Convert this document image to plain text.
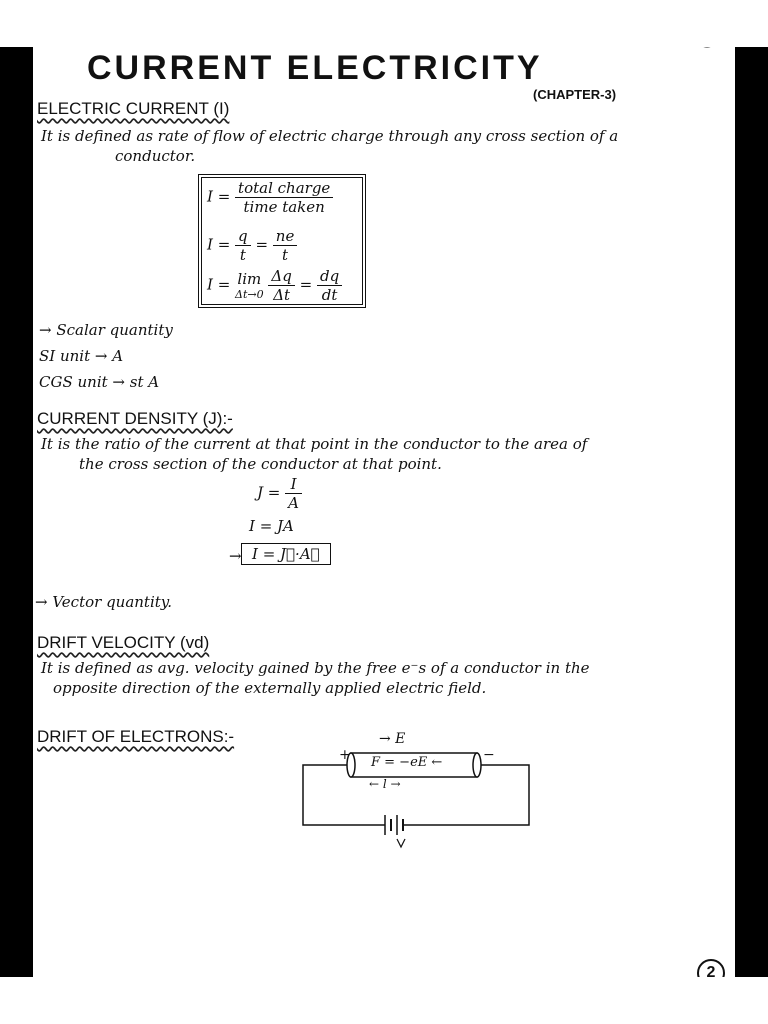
CURRENT ELECTRICITY
(CHAPTER-3)
ELECTRIC CURRENT (I)
It is defined as rate of flow of electric charge through any cross section of a
conductor.
$I = \frac{\text{total charge}}{\text{time taken}}$
$I = \frac{q}{t} = \frac{ne}{t}$
I = lim
Δt→0
$\frac{\Delta q}{\Delta t} = \frac{dq}{dt}$
→ Scalar quantity
SI unit → A
CGS unit → st A
CURRENT DENSITY (J):-
It is the ratio of the current at that point in the conductor to the area of
the cross section of the conductor at that point.
$J = \frac{I}{A}$
I = JA
→ I = J⃗·A⃗
→ Vector quantity.
DRIFT VELOCITY (vd)
It is defined as avg. velocity gained by the free e⁻s of a conductor in the
opposite direction of the externally applied electric field.
DRIFT OF ELECTRONS:-	→ E
+	−
F = −eE ←
← l →
2
